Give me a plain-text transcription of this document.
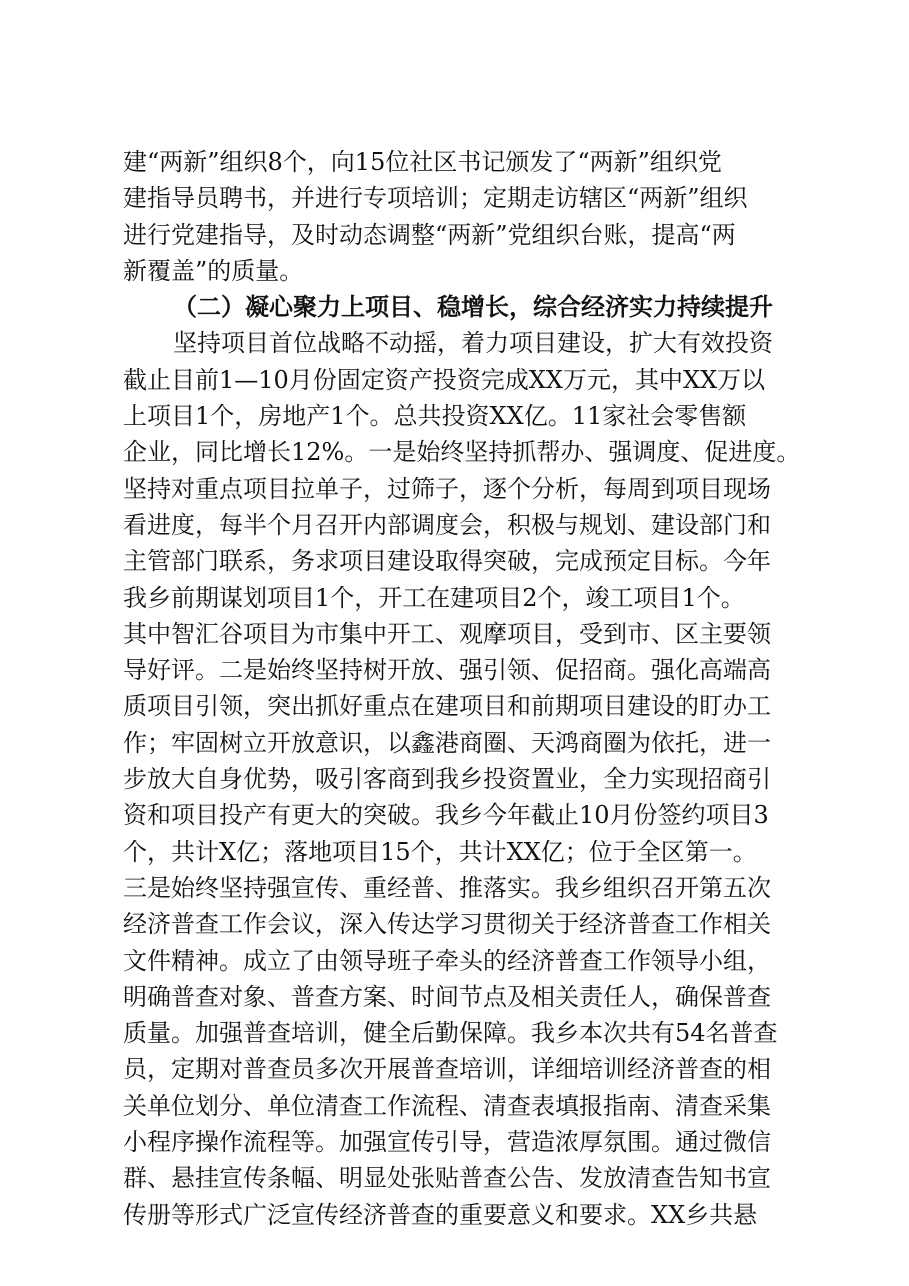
建“两新”组织8个，向15位社区书记颁发了“两新”组织党
建指导员聘书，并进行专项培训；定期走访辖区“两新”组织
进行党建指导，及时动态调整“两新”党组织台账，提高“两
新覆盖”的质量。
（二）凝心聚力上项目、稳增长，综合经济实力持续提升
坚持项目首位战略不动摇，着力项目建设，扩大有效投资
截止目前1—10月份固定资产投资完成XX万元，其中XX万以
上项目1个，房地产1个。总共投资XX亿。11家社会零售额
企业，同比增长12%。一是始终坚持抓帮办、强调度、促进度。
坚持对重点项目拉单子，过筛子，逐个分析，每周到项目现场
看进度，每半个月召开内部调度会，积极与规划、建设部门和
主管部门联系，务求项目建设取得突破，完成预定目标。今年
我乡前期谋划项目1个，开工在建项目2个，竣工项目1个。
其中智汇谷项目为市集中开工、观摩项目，受到市、区主要领
导好评。二是始终坚持树开放、强引领、促招商。强化高端高
质项目引领，突出抓好重点在建项目和前期项目建设的盯办工
作；牢固树立开放意识，以鑫港商圈、天鸿商圈为依托，进一
步放大自身优势，吸引客商到我乡投资置业，全力实现招商引
资和项目投产有更大的突破。我乡今年截止10月份签约项目3
个，共计X亿；落地项目15个，共计XX亿；位于全区第一。
三是始终坚持强宣传、重经普、推落实。我乡组织召开第五次
经济普查工作会议，深入传达学习贯彻关于经济普查工作相关
文件精神。成立了由领导班子牵头的经济普查工作领导小组，
明确普查对象、普查方案、时间节点及相关责任人，确保普查
质量。加强普查培训，健全后勤保障。我乡本次共有54名普查
员，定期对普查员多次开展普查培训，详细培训经济普查的相
关单位划分、单位清查工作流程、清查表填报指南、清查采集
小程序操作流程等。加强宣传引导，营造浓厚氛围。通过微信
群、悬挂宣传条幅、明显处张贴普查公告、发放清查告知书宣
传册等形式广泛宣传经济普查的重要意义和要求。XX乡共悬
